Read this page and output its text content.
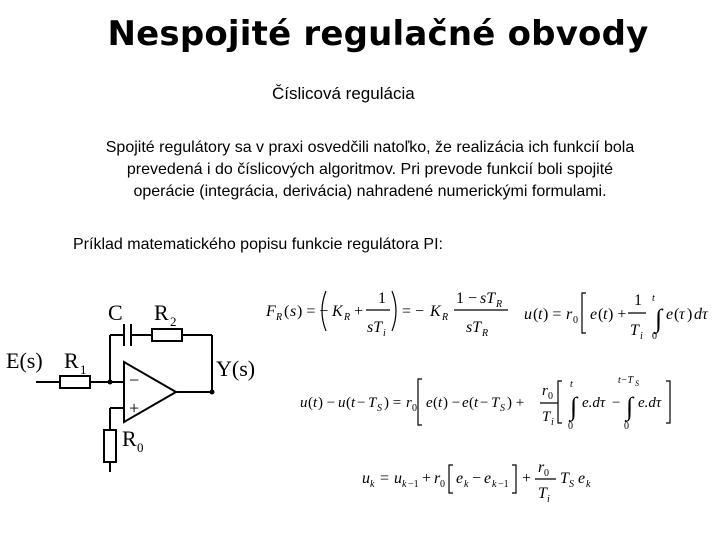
Nespojité regulačné obvody
Číslicová regulácia
Spojité regulátory sa v praxi osvedčili natoľko, že realizácia ich funkcií bola
prevedená i do číslicových algoritmov. Pri prevode funkcií boli spojité
operácie (integrácia, derivácia) nahradené numerickými formulami.
Príklad matematického popisu funkcie regulátora PI:
C R 2
E(s) R 1	Y(s)
−
+
R 0
F R ( s ) = − K R +
1
sT i
= − K R
1 − sT R
sT R
F_R(s) = −(K_R + 1/(sT_i)) = −K_R · (1 − sT_R)/(sT_R)
u ( t ) = r 0 e ( t ) +
1
T i
t
∫
0
e ( τ ) dτ
u(t) = r_0 [ e(t) + (1/T_i) ∫_0^t e(τ) dτ ]
u ( t ) − u ( t − T S ) = r 0 e ( t ) − e ( t − T S ) +
r 0
T i
t
∫
0
e.dτ −
t−T S
∫
0
e.dτ
u(t) − u(t − T_S) = r_0 [ e(t) − e(t − T_S) + (r_0/T_i) ( ∫_0^t e.dτ − ∫_0^(t−T_S) e.dτ ) ]
u k = u k −1 + r 0 e k − e k −1 +
r 0
T i
T S e k
u_k = u_(k−1) + r_0 [ e_k − e_(k−1) ] + (r_0/T_i) T_S e_k
